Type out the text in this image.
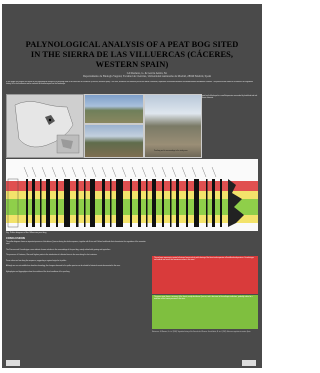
PALYNOLOGICAL ANALYSIS OF A PEAT BOG SITED
IN THE SIERRA DE LAS VILLUERCAS (CÁCERES,
WESTERN SPAIN)
Gil Romera, G. & García Antón, M.
Departamento de Biología Vegetal, Facultad de Ciencias, Universidad Autónoma de Madrid, 28049 Madrid, Spain
In this paper we present the results of the palynological analysis of a peat bog sited in the Sierra de las Villuercas (Cáceres, Western Spain). The area, located in the southern part of the Iberian Peninsula, represents a transition between the Mediterranean and Atlantic climates. The pollen record allows to reconstruct the vegetation history of the last millennia and to evaluate the human impact on the landscape.
The sampling site is sited at 1300 m.a.s.l. in the Sierra de las Villuercas. The peat bog is developed in a small depression surrounded by heathland and oak forest remnants.
Peat bog and its surroundings in the study area.
Fig. Pollen diagram of the Villuercas peat bog
CONCLUSIONS

The pollen diagram shows an important presence of deciduous Quercus during the whole sequence, together with Erica and Calluna heathlands that characterize the vegetation of the mountain area.

The Poaceae and Cerealia-type curves indicate human activities in the surroundings of the peat bog, mainly related with grazing and agriculture.

The presence of Castanea, Olea and Juglans points to the introduction of cultivated trees in the area during the last centuries.

Pinus values are low along the sequence, suggesting a regional origin for its pollen.

Although we can not establish an absolute chronology, the changes observed in the pollen spectra can be related to historical events documented in the area.

Hydrophytes and hygrophytes show the evolution of the local conditions of the peat bog.

The red zone represents a period of intense human activity with clearing of the forest and expansion of heathland and pastures. Cerealia-type and ruderal taxa reach their maximum values in this zone.
The green zone shows a recovery of the forest, mainly deciduous Quercus, and a decrease of the anthropic indicators, probably related to a reduction of the human pressure in the area.
References: Gil Romera, G. et al. (2006). Vegetation history of the Sierra de las Villuercas. García Antón, M. et al. (2005). Holocene vegetation in western Spain.
